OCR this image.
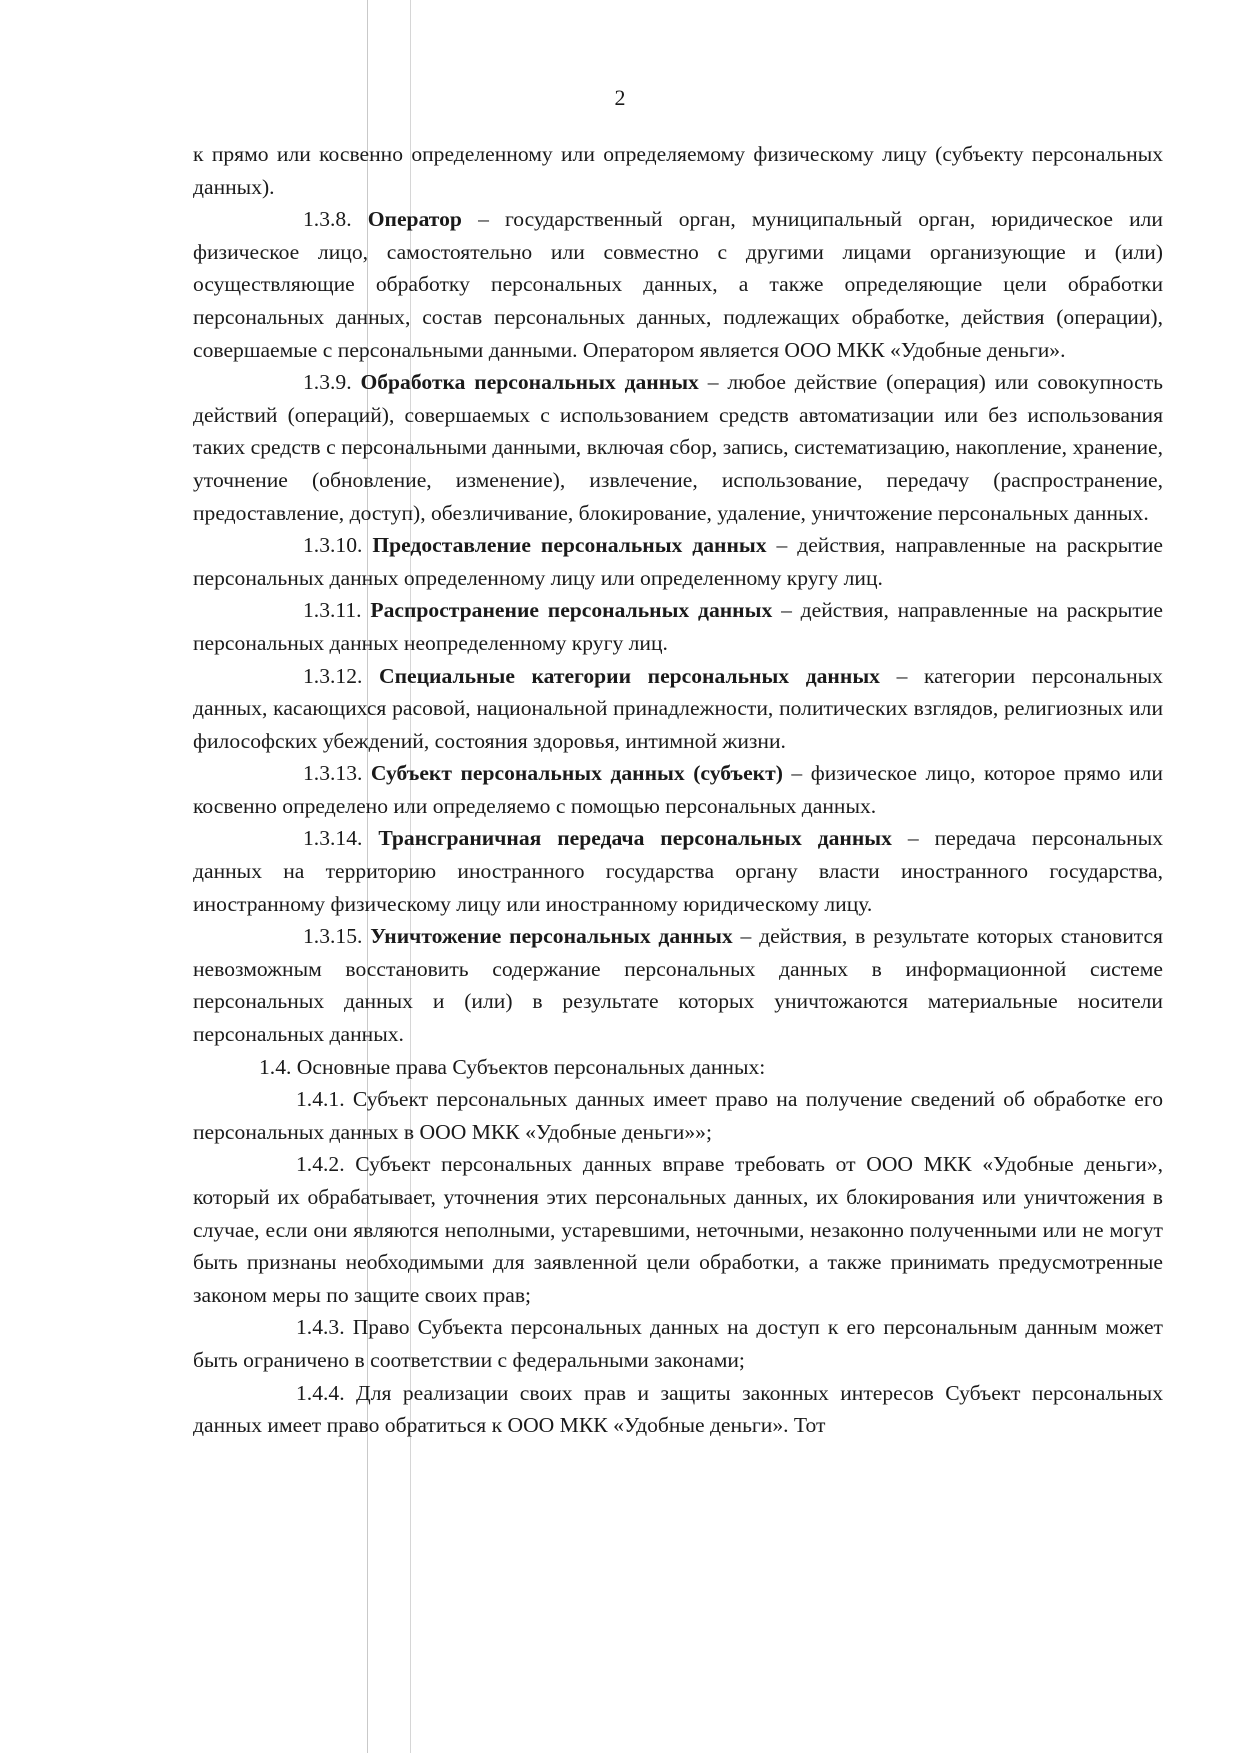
2

к прямо или косвенно определенному или определяемому физическому лицу (субъекту персональных данных).

1.3.8. Оператор – государственный орган, муниципальный орган, юридическое или физическое лицо, самостоятельно или совместно с другими лицами организующие и (или) осуществляющие обработку персональных данных, а также определяющие цели обработки персональных данных, состав персональных данных, подлежащих обработке, действия (операции), совершаемые с персональными данными. Оператором является ООО МКК «Удобные деньги».

1.3.9. Обработка персональных данных – любое действие (операция) или совокупность действий (операций), совершаемых с использованием средств автоматизации или без использования таких средств с персональными данными, включая сбор, запись, систематизацию, накопление, хранение, уточнение (обновление, изменение), извлечение, использование, передачу (распространение, предоставление, доступ), обезличивание, блокирование, удаление, уничтожение персональных данных.

1.3.10. Предоставление персональных данных – действия, направленные на раскрытие персональных данных определенному лицу или определенному кругу лиц.

1.3.11. Распространение персональных данных – действия, направленные на раскрытие персональных данных неопределенному кругу лиц.

1.3.12. Специальные категории персональных данных – категории персональных данных, касающихся расовой, национальной принадлежности, политических взглядов, религиозных или философских убеждений, состояния здоровья, интимной жизни.

1.3.13. Субъект персональных данных (субъект) – физическое лицо, которое прямо или косвенно определено или определяемо с помощью персональных данных.

1.3.14. Трансграничная передача персональных данных – передача персональных данных на территорию иностранного государства органу власти иностранного государства, иностранному физическому лицу или иностранному юридическому лицу.

1.3.15. Уничтожение персональных данных – действия, в результате которых становится невозможным восстановить содержание персональных данных в информационной системе персональных данных и (или) в результате которых уничтожаются материальные носители персональных данных.

1.4. Основные права Субъектов персональных данных:

1.4.1. Субъект персональных данных имеет право на получение сведений об обработке его персональных данных в ООО МКК «Удобные деньги»»;

1.4.2. Субъект персональных данных вправе требовать от ООО МКК «Удобные деньги», который их обрабатывает, уточнения этих персональных данных, их блокирования или уничтожения в случае, если они являются неполными, устаревшими, неточными, незаконно полученными или не могут быть признаны необходимыми для заявленной цели обработки, а также принимать предусмотренные законом меры по защите своих прав;

1.4.3. Право Субъекта персональных данных на доступ к его персональным данным может быть ограничено в соответствии с федеральными законами;

1.4.4. Для реализации своих прав и защиты законных интересов Субъект персональных данных имеет право обратиться к ООО МКК «Удобные деньги». Тот
